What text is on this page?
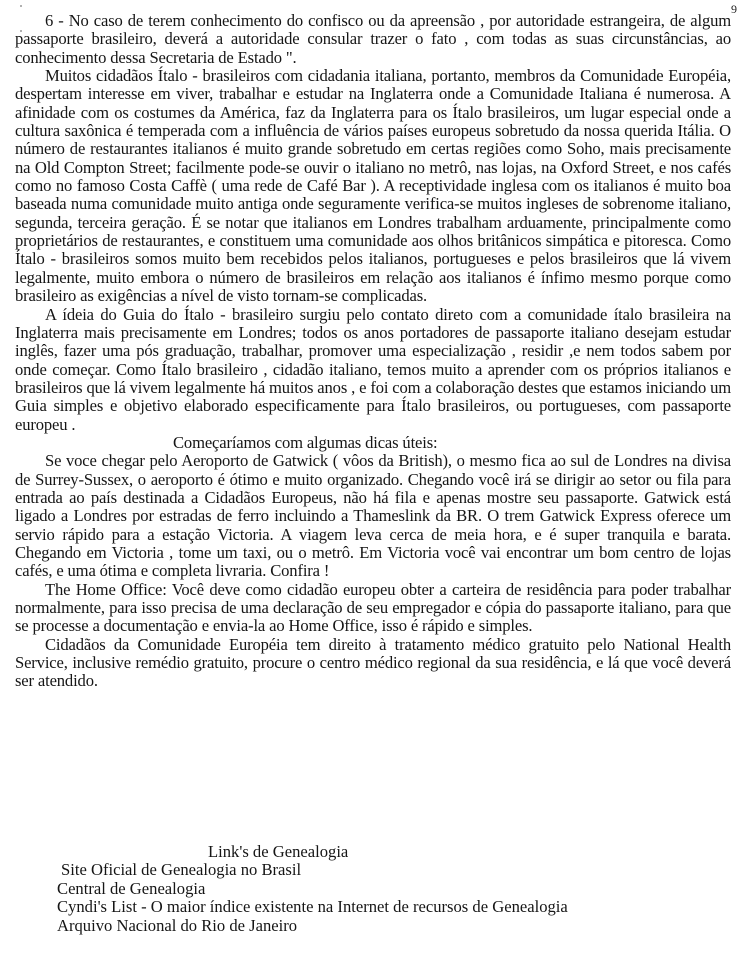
9

6 - No caso de terem conhecimento do confisco ou da apreensão , por autoridade estrangeira, de algum passaporte brasileiro, deverá a autoridade consular trazer o fato , com todas as suas circunstâncias, ao conhecimento dessa Secretaria de Estado ".

Muitos cidadãos Ítalo - brasileiros com cidadania italiana, portanto, membros da Comunidade Européia, despertam interesse em viver, trabalhar e estudar na Inglaterra onde a Comunidade Italiana é numerosa. A afinidade com os costumes da América, faz da Inglaterra para os Ítalo brasileiros, um lugar especial onde a cultura saxônica é temperada com a influência de vários países europeus sobretudo da nossa querida Itália. O número de restaurantes italianos é muito grande sobretudo em certas regiões como Soho, mais precisamente na Old Compton Street; facilmente pode-se ouvir o italiano no metrô, nas lojas, na Oxford Street, e nos cafés como no famoso Costa Caffè ( uma rede de Café Bar ). A receptividade inglesa com os italianos é muito boa baseada numa comunidade muito antiga onde seguramente verifica-se muitos ingleses de sobrenome italiano, segunda, terceira geração. É se notar que italianos em Londres trabalham arduamente, principalmente como proprietários de restaurantes, e constituem uma comunidade aos olhos britânicos simpática e pitoresca. Como Ítalo - brasileiros somos muito bem recebidos pelos italianos, portugueses e pelos brasileiros que lá vivem legalmente, muito embora o número de brasileiros em relação aos italianos é ínfimo mesmo porque como brasileiro as exigências a nível de visto tornam-se complicadas.

A ídeia do Guia do Ítalo - brasileiro surgiu pelo contato direto com a comunidade ítalo brasileira na Inglaterra mais precisamente em Londres; todos os anos portadores de passaporte italiano desejam estudar inglês, fazer uma pós graduação, trabalhar, promover uma especialização , residir ,e nem todos sabem por onde começar. Como Ítalo brasileiro , cidadão italiano, temos muito a aprender com os próprios italianos e brasileiros que lá vivem legalmente há muitos anos , e foi com a colaboração destes que estamos iniciando um Guia simples e objetivo elaborado especificamente para Ítalo brasileiros, ou portugueses, com passaporte europeu .

Começaríamos com algumas dicas úteis:

Se voce chegar pelo Aeroporto de Gatwick ( vôos da British), o mesmo fica ao sul de Londres na divisa de Surrey-Sussex, o aeroporto é ótimo e muito organizado. Chegando você irá se dirigir ao setor ou fila para entrada ao país destinada a Cidadãos Europeus, não há fila e apenas mostre seu passaporte. Gatwick está ligado a Londres por estradas de ferro incluindo a Thameslink da BR. O trem Gatwick Express oferece um servio rápido para a estação Victoria. A viagem leva cerca de meia hora, e é super tranquila e barata. Chegando em Victoria , tome um taxi, ou o metrô. Em Victoria você vai encontrar um bom centro de lojas cafés, e uma ótima e completa livraria. Confira !

The Home Office: Você deve como cidadão europeu obter a carteira de residência para poder trabalhar normalmente, para isso precisa de uma declaração de seu empregador e cópia do passaporte italiano, para que se processe a documentação e envia-la ao Home Office, isso é rápido e simples.

Cidadãos da Comunidade Européia tem direito à tratamento médico gratuito pelo National Health Service, inclusive remédio gratuito, procure o centro médico regional da sua residência, e lá que você deverá ser atendido.

Link's de Genealogia

Site Oficial de Genealogia no Brasil

Central de Genealogia

Cyndi's List - O maior índice existente na Internet de recursos de Genealogia

Arquivo Nacional do Rio de Janeiro
